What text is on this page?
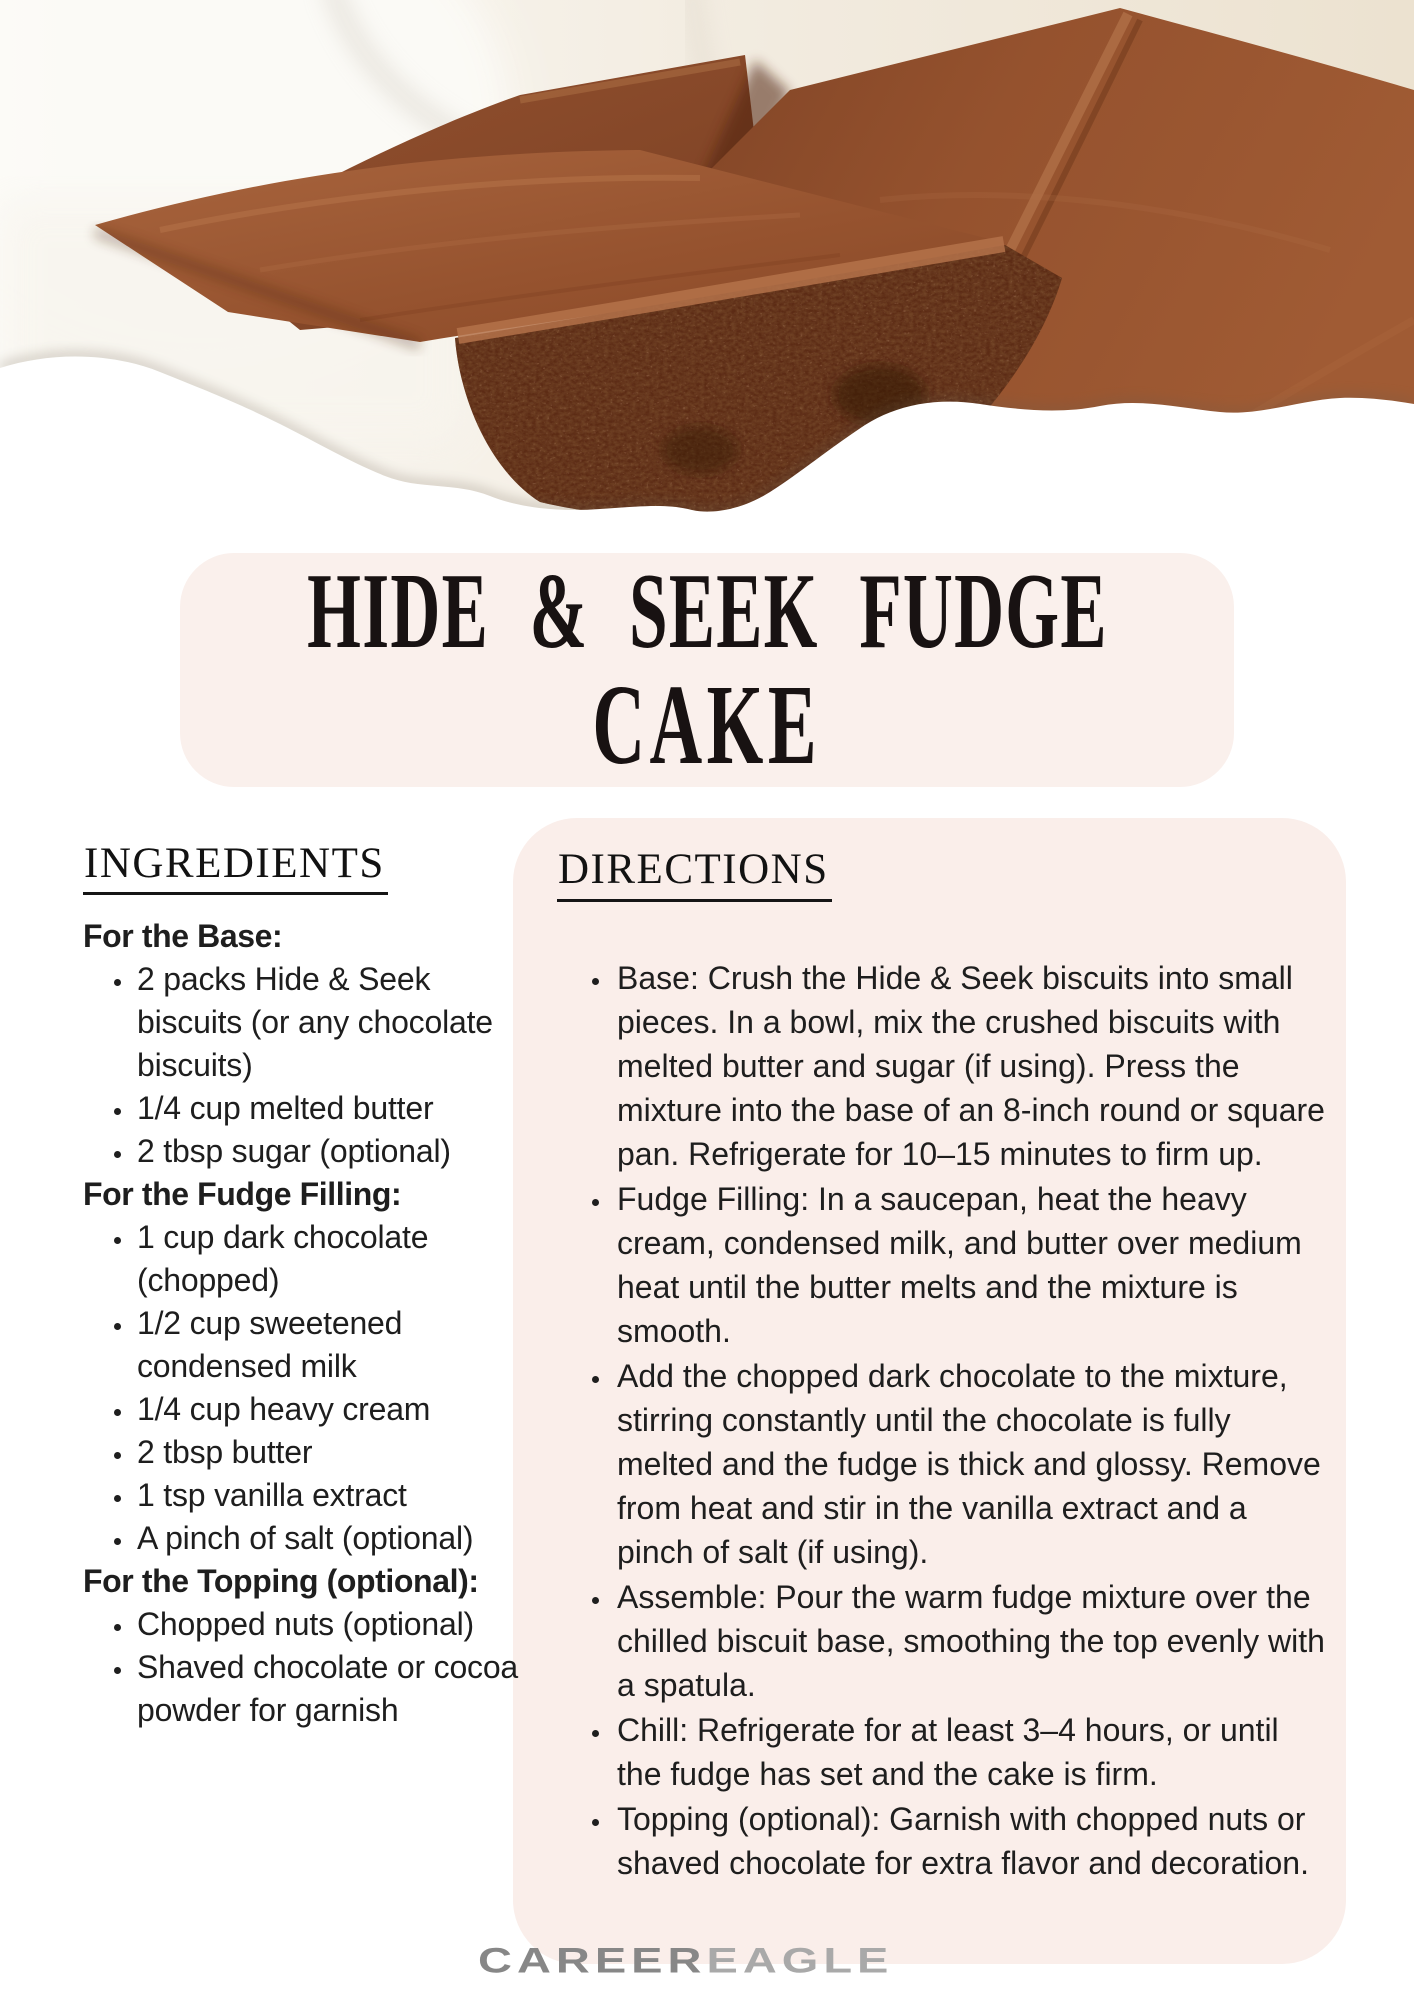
HIDE & SEEK FUDGE
CAKE
INGREDIENTS
For the Base:
• 2 packs Hide & Seek biscuits (or any chocolate biscuits)
• 1/4 cup melted butter
• 2 tbsp sugar (optional)
For the Fudge Filling:
• 1 cup dark chocolate (chopped)
• 1/2 cup sweetened condensed milk
• 1/4 cup heavy cream
• 2 tbsp butter
• 1 tsp vanilla extract
• A pinch of salt (optional)
For the Topping (optional):
• Chopped nuts (optional)
• Shaved chocolate or cocoa powder for garnish
DIRECTIONS
• Base: Crush the Hide & Seek biscuits into small pieces. In a bowl, mix the crushed biscuits with melted butter and sugar (if using). Press the mixture into the base of an 8-inch round or square pan. Refrigerate for 10–15 minutes to firm up.
• Fudge Filling: In a saucepan, heat the heavy cream, condensed milk, and butter over medium heat until the butter melts and the mixture is smooth.
• Add the chopped dark chocolate to the mixture, stirring constantly until the chocolate is fully melted and the fudge is thick and glossy. Remove from heat and stir in the vanilla extract and a pinch of salt (if using).
• Assemble: Pour the warm fudge mixture over the chilled biscuit base, smoothing the top evenly with a spatula.
• Chill: Refrigerate for at least 3–4 hours, or until the fudge has set and the cake is firm.
• Topping (optional): Garnish with chopped nuts or shaved chocolate for extra flavor and decoration.
CAREEREAGLE
